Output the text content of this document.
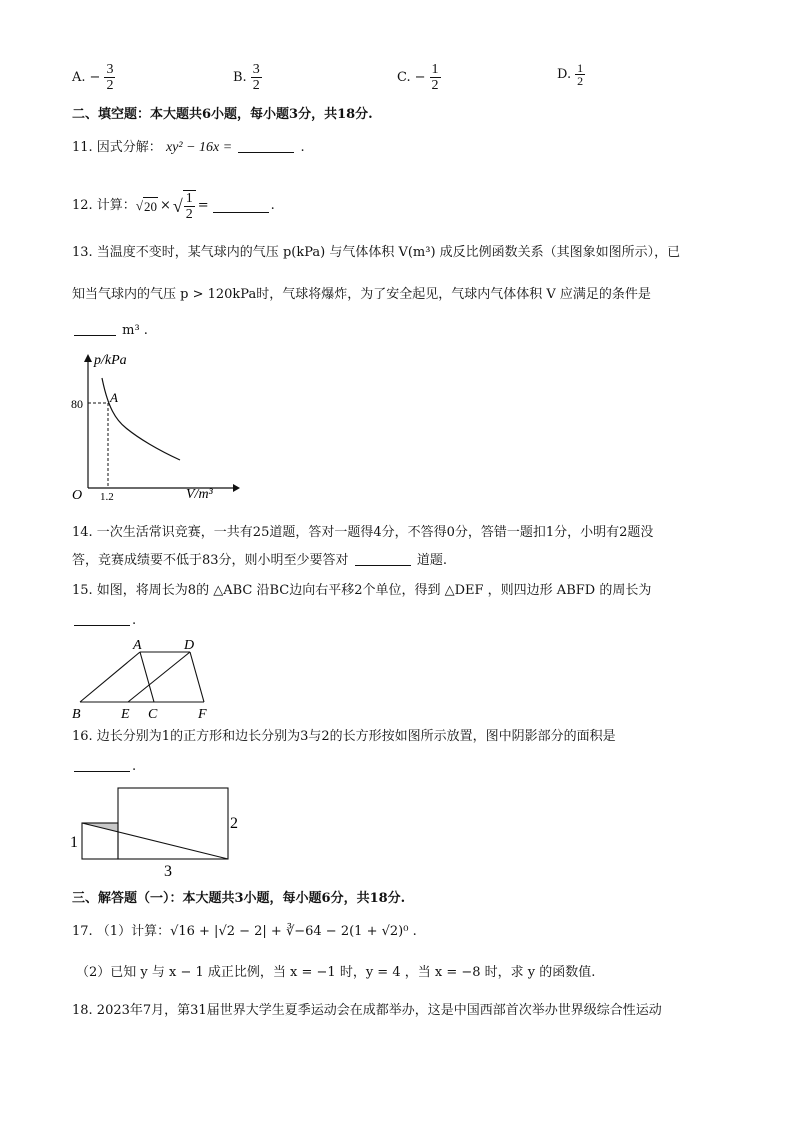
A. − $\frac{3}{2}$	B. $\frac{3}{2}$	C. − $\frac{1}{2}$	D. $\frac{1}{2}$
二、填空题：本大题共6小题，每小题3分，共18分.
11. 因式分解： xy² − 16x =	.
12. 计算： √ 20 × √ $\frac{1}{2}$ =	.
13. 当温度不变时，某气球内的气压 p(kPa) 与气体体积 V(m³) 成反比例函数关系（其图象如图所示），已
知当气球内的气压 p > 120kPa时，气球将爆炸，为了安全起见，气球内气体体积 V 应满足的条件是
m³ .
p/kPa
V/m³
O
80
1.2
A
14. 一次生活常识竞赛，一共有25道题，答对一题得4分，不答得0分，答错一题扣1分，小明有2题没
答，竞赛成绩要不低于83分，则小明至少要答对	道题.
15. 如图，将周长为8的 △ABC 沿BC边向右平移2个单位，得到 △DEF ，则四边形 ABFD 的周长为
.
A	D
B	E C	F
16. 边长分别为1的正方形和边长分别为3与2的长方形按如图所示放置，图中阴影部分的面积是
.
1
2
3
三、解答题（一）：本大题共3小题，每小题6分，共18分.
17. （1）计算：√16 + |√2 − 2| + ∛−64 − 2(1 + √2)⁰ .
（2）已知 y 与 x − 1 成正比例，当 x = −1 时，y = 4 ，当 x = −8 时，求 y 的函数值.
18. 2023年7月，第31届世界大学生夏季运动会在成都举办，这是中国西部首次举办世界级综合性运动
